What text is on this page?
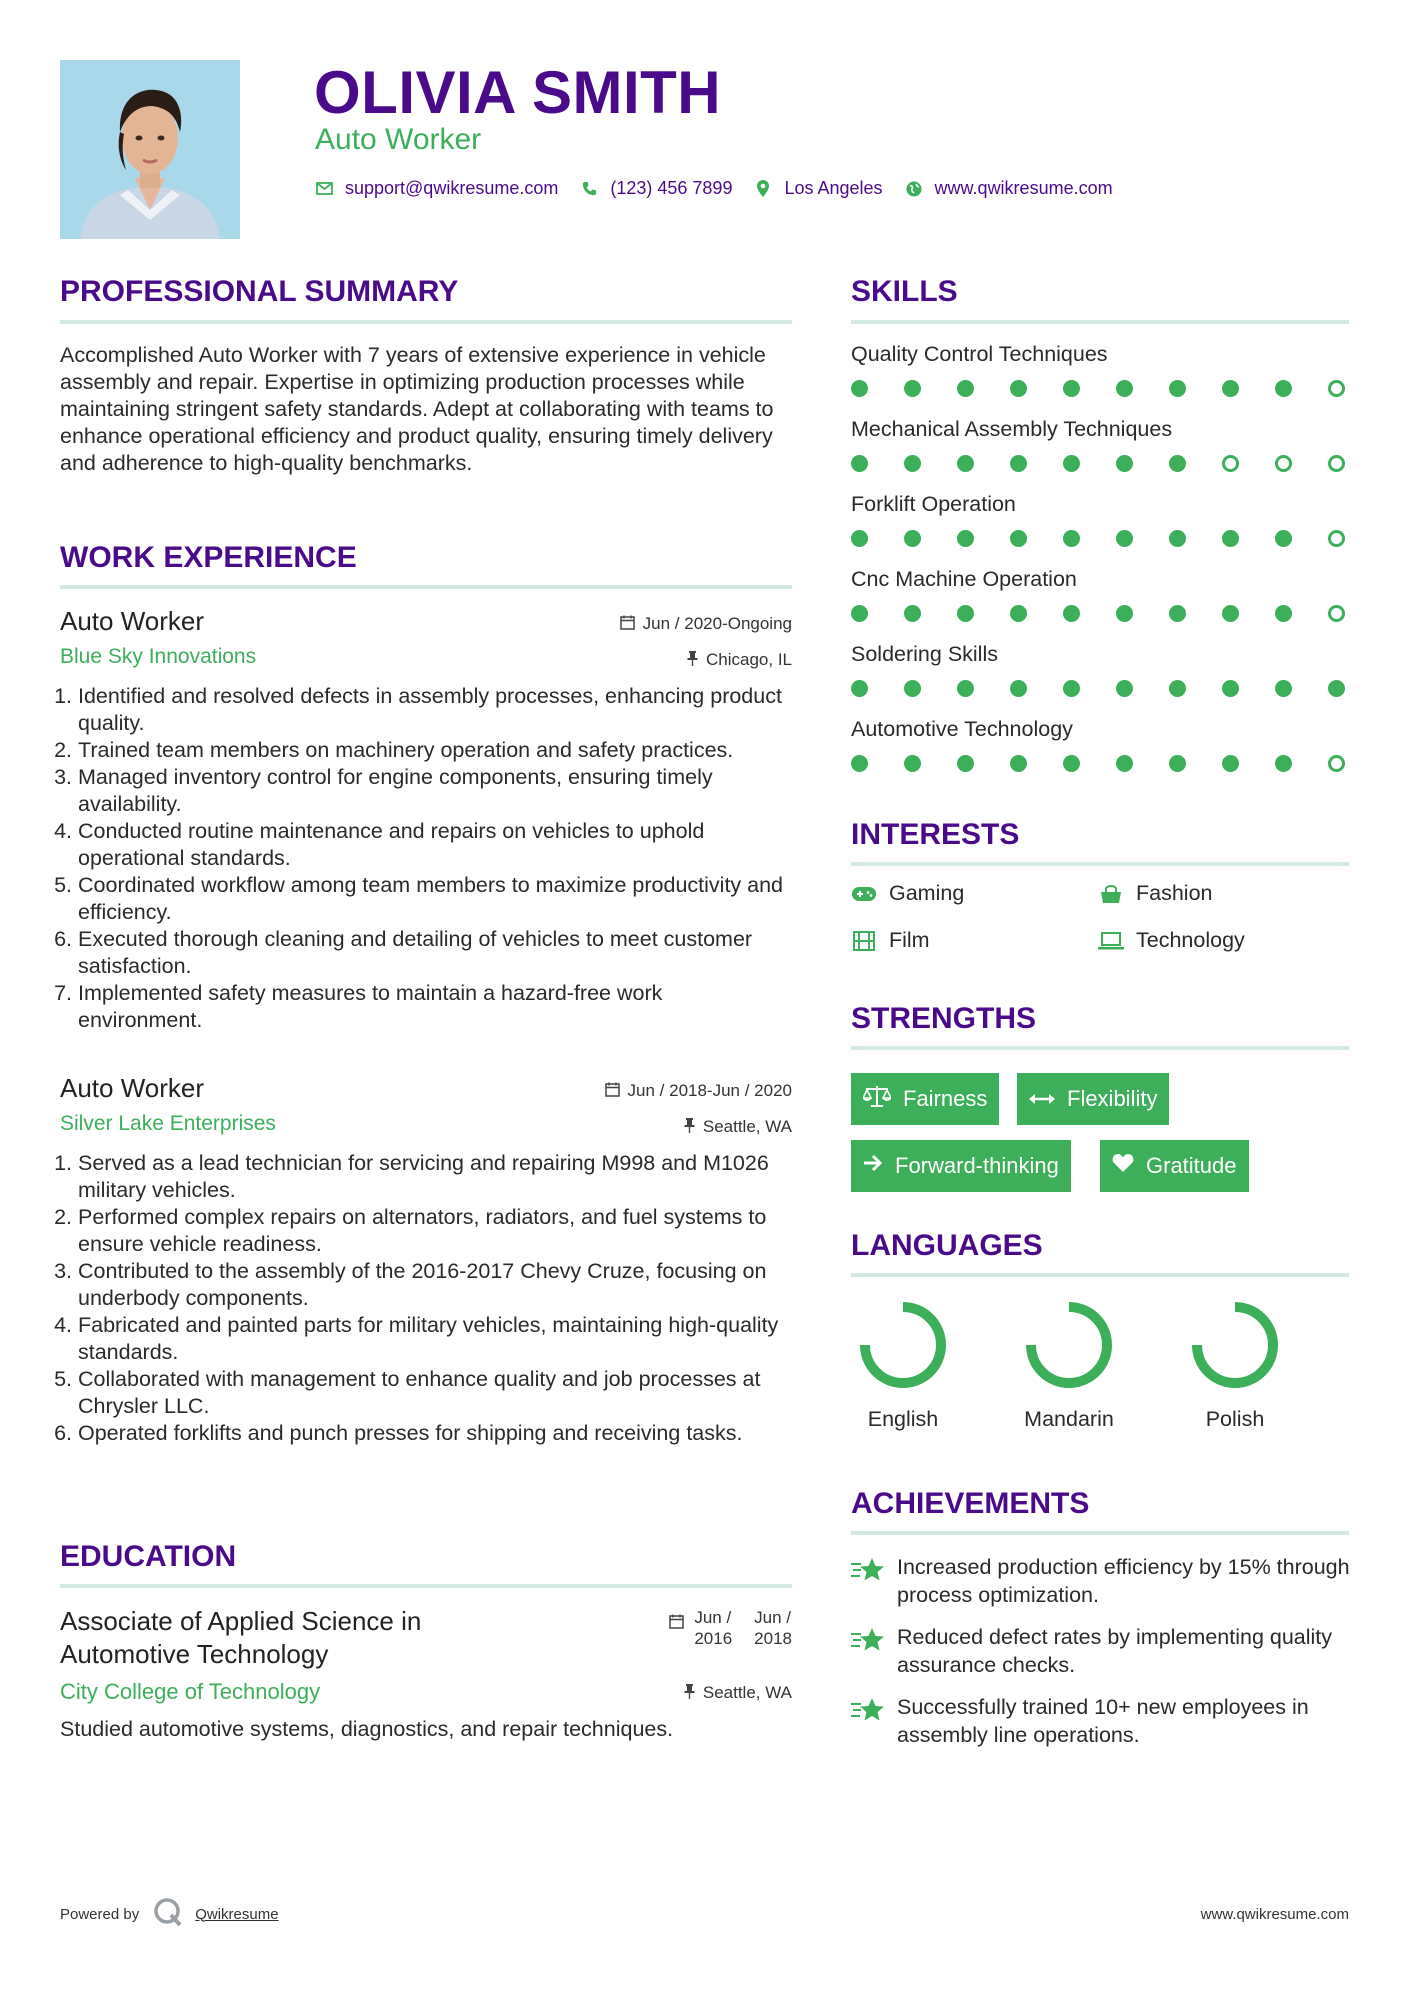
OLIVIA SMITH
Auto Worker
support@qwikresume.com	(123) 456 7899	Los Angeles	www.qwikresume.com
PROFESSIONAL SUMMARY
Accomplished Auto Worker with 7 years of extensive experience in vehicle assembly and repair. Expertise in optimizing production processes while maintaining stringent safety standards. Adept at collaborating with teams to enhance operational efficiency and product quality, ensuring timely delivery and adherence to high-quality benchmarks.
WORK EXPERIENCE
Auto Worker	Jun / 2020-Ongoing
Blue Sky Innovations	Chicago, IL
1. Identified and resolved defects in assembly processes, enhancing product quality.
2. Trained team members on machinery operation and safety practices.
3. Managed inventory control for engine components, ensuring timely availability.
4. Conducted routine maintenance and repairs on vehicles to uphold operational standards.
5. Coordinated workflow among team members to maximize productivity and efficiency.
6. Executed thorough cleaning and detailing of vehicles to meet customer satisfaction.
7. Implemented safety measures to maintain a hazard-free work environment.
Auto Worker	Jun / 2018-Jun / 2020
Silver Lake Enterprises	Seattle, WA
1. Served as a lead technician for servicing and repairing M998 and M1026 military vehicles.
2. Performed complex repairs on alternators, radiators, and fuel systems to ensure vehicle readiness.
3. Contributed to the assembly of the 2016-2017 Chevy Cruze, focusing on underbody components.
4. Fabricated and painted parts for military vehicles, maintaining high-quality standards.
5. Collaborated with management to enhance quality and job processes at Chrysler LLC.
6. Operated forklifts and punch presses for shipping and receiving tasks.
EDUCATION
Associate of Applied Science in Automotive Technology
Jun /
2016
Jun /
2018
City College of Technology	Seattle, WA
Studied automotive systems, diagnostics, and repair techniques.
SKILLS
Quality Control Techniques
Mechanical Assembly Techniques
Forklift Operation
Cnc Machine Operation
Soldering Skills
Automotive Technology
INTERESTS
Gaming	Fashion
Film	Technology
STRENGTHS
Fairness	Flexibility
Forward-thinking	Gratitude
LANGUAGES
English	Mandarin	Polish
ACHIEVEMENTS
Increased production efficiency by 15% through process optimization.
Reduced defect rates by implementing quality assurance checks.
Successfully trained 10+ new employees in assembly line operations.
Powered by	Qwikresume	www.qwikresume.com
